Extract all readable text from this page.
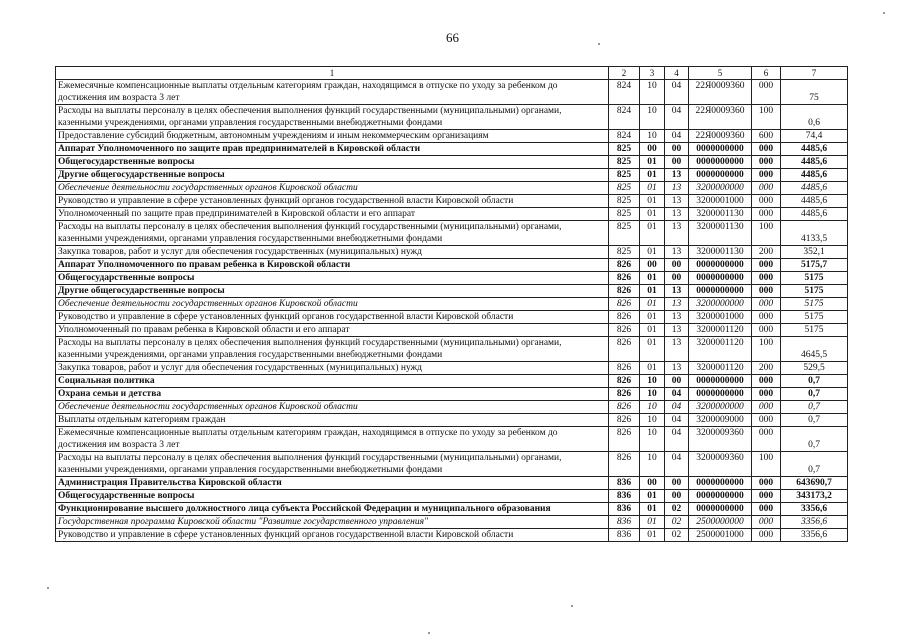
66
1	2	3	4	5	6	7
Ежемесячные компенсационные выплаты отдельным категориям граждан, находящимся в отпуске по уходу за ребенком до достижения им возраста 3 лет	824	10	04	22Я0009360	000	75
Расходы на выплаты персоналу в целях обеспечения выполнения функций государственными (муниципальными) органами, казенными учреждениями, органами управления государственными внебюджетными фондами	824	10	04	22Я0009360	100	0,6
Предоставление субсидий бюджетным, автономным учреждениям и иным некоммерческим организациям	824	10	04	22Я0009360	600	74,4
Аппарат Уполномоченного по защите прав предпринимателей в Кировской области	825	00	00	0000000000	000	4485,6
Общегосударственные вопросы	825	01	00	0000000000	000	4485,6
Другие общегосударственные вопросы	825	01	13	0000000000	000	4485,6
Обеспечение деятельности государственных органов Кировской области	825	01	13	3200000000	000	4485,6
Руководство и управление в сфере установленных функций органов государственной власти Кировской области	825	01	13	3200001000	000	4485,6
Уполномоченный по защите прав предпринимателей в Кировской области и его аппарат	825	01	13	3200001130	000	4485,6
Расходы на выплаты персоналу в целях обеспечения выполнения функций государственными (муниципальными) органами, казенными учреждениями, органами управления государственными внебюджетными фондами	825	01	13	3200001130	100	4133,5
Закупка товаров, работ и услуг для обеспечения государственных (муниципальных) нужд	825	01	13	3200001130	200	352,1
Аппарат Уполномоченного по правам ребенка в Кировской области	826	00	00	0000000000	000	5175,7
Общегосударственные вопросы	826	01	00	0000000000	000	5175
Другие общегосударственные вопросы	826	01	13	0000000000	000	5175
Обеспечение деятельности государственных органов Кировской области	826	01	13	3200000000	000	5175
Руководство и управление в сфере установленных функций органов государственной власти Кировской области	826	01	13	3200001000	000	5175
Уполномоченный по правам ребенка в Кировской области и его аппарат	826	01	13	3200001120	000	5175
Расходы на выплаты персоналу в целях обеспечения выполнения функций государственными (муниципальными) органами, казенными учреждениями, органами управления государственными внебюджетными фондами	826	01	13	3200001120	100	4645,5
Закупка товаров, работ и услуг для обеспечения государственных (муниципальных) нужд	826	01	13	3200001120	200	529,5
Социальная политика	826	10	00	0000000000	000	0,7
Охрана семьи и детства	826	10	04	0000000000	000	0,7
Обеспечение деятельности государственных органов Кировской области	826	10	04	3200000000	000	0,7
Выплаты отдельным категориям граждан	826	10	04	3200009000	000	0,7
Ежемесячные компенсационные выплаты отдельным категориям граждан, находящимся в отпуске по уходу за ребенком до достижения им возраста 3 лет	826	10	04	3200009360	000	0,7
Расходы на выплаты персоналу в целях обеспечения выполнения функций государственными (муниципальными) органами, казенными учреждениями, органами управления государственными внебюджетными фондами	826	10	04	3200009360	100	0,7
Администрация Правительства Кировской области	836	00	00	0000000000	000	643690,7
Общегосударственные вопросы	836	01	00	0000000000	000	343173,2
Функционирование высшего должностного лица субъекта Российской Федерации и муниципального образования	836	01	02	0000000000	000	3356,6
Государственная программа Кировской области "Развитие государственного управления"	836	01	02	2500000000	000	3356,6
Руководство и управление в сфере установленных функций органов государственной власти Кировской области	836	01	02	2500001000	000	3356,6
